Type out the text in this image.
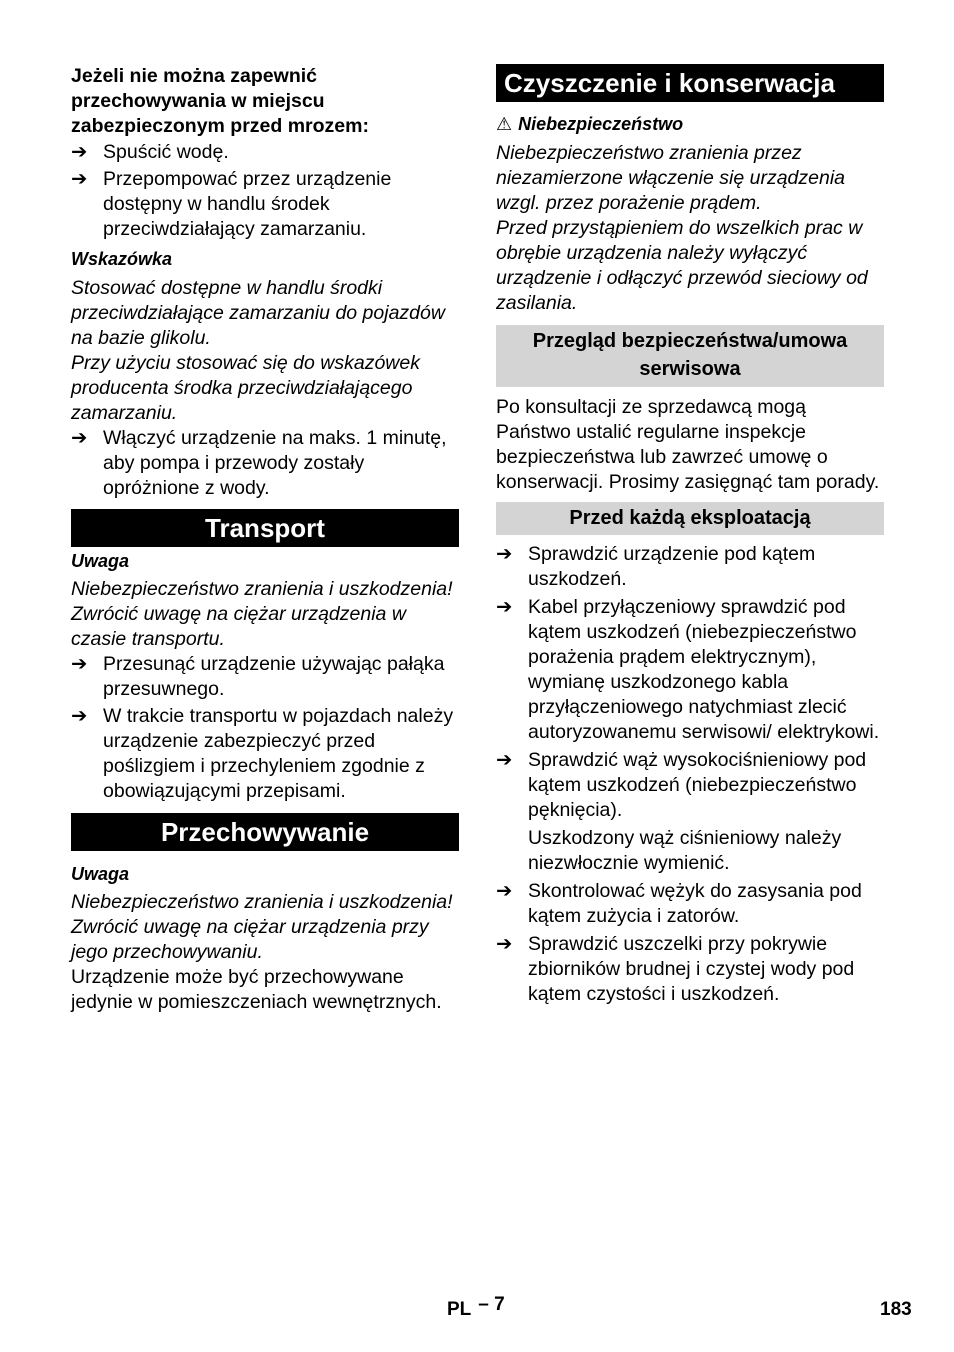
Jeżeli nie można zapewnić przechowywania w miejscu zabezpieczonym przed mrozem:

➔ Spuścić wodę.

➔ Przepompować przez urządzenie dostępny w handlu środek przeciwdziałający zamarzaniu.

Wskazówka

Stosować dostępne w handlu środki przeciwdziałające zamarzaniu do pojazdów na bazie glikolu.

Przy użyciu stosować się do wskazówek producenta środka przeciwdziałającego zamarzaniu.

➔ Włączyć urządzenie na maks. 1 minutę, aby pompa i przewody zostały opróżnione z wody.

Transport

Uwaga

Niebezpieczeństwo zranienia i uszkodzenia! Zwrócić uwagę na ciężar urządzenia w czasie transportu.

➔ Przesunąć urządzenie używając pałąka przesuwnego.

➔ W trakcie transportu w pojazdach należy urządzenie zabezpieczyć przed poślizgiem i przechyleniem zgodnie z obowiązującymi przepisami.

Przechowywanie

Uwaga

Niebezpieczeństwo zranienia i uszkodzenia! Zwrócić uwagę na ciężar urządzenia przy jego przechowywaniu.

Urządzenie może być przechowywane jedynie w pomieszczeniach wewnętrznych.

Czyszczenie i konserwacja

⚠ Niebezpieczeństwo

Niebezpieczeństwo zranienia przez niezamierzone włączenie się urządzenia wzgl. przez porażenie prądem.

Przed przystąpieniem do wszelkich prac w obrębie urządzenia należy wyłączyć urządzenie i odłączyć przewód sieciowy od zasilania.

Przegląd bezpieczeństwa/umowa serwisowa

Po konsultacji ze sprzedawcą mogą Państwo ustalić regularne inspekcje bezpieczeństwa lub zawrzeć umowę o konserwacji. Prosimy zasięgnąć tam porady.

Przed każdą eksploatacją

➔ Sprawdzić urządzenie pod kątem uszkodzeń.

➔ Kabel przyłączeniowy sprawdzić pod kątem uszkodzeń (niebezpieczeństwo porażenia prądem elektrycznym), wymianę uszkodzonego kabla przyłączeniowego natychmiast zlecić autoryzowanemu serwisowi/ elektrykowi.

➔ Sprawdzić wąż wysokociśnieniowy pod kątem uszkodzeń (niebezpieczeństwo pęknięcia).

Uszkodzony wąż ciśnieniowy należy niezwłocznie wymienić.

➔ Skontrolować wężyk do zasysania pod kątem zużycia i zatorów.

➔ Sprawdzić uszczelki przy pokrywie zbiorników brudnej i czystej wody pod kątem czystości i uszkodzeń.

PL – 7	183
